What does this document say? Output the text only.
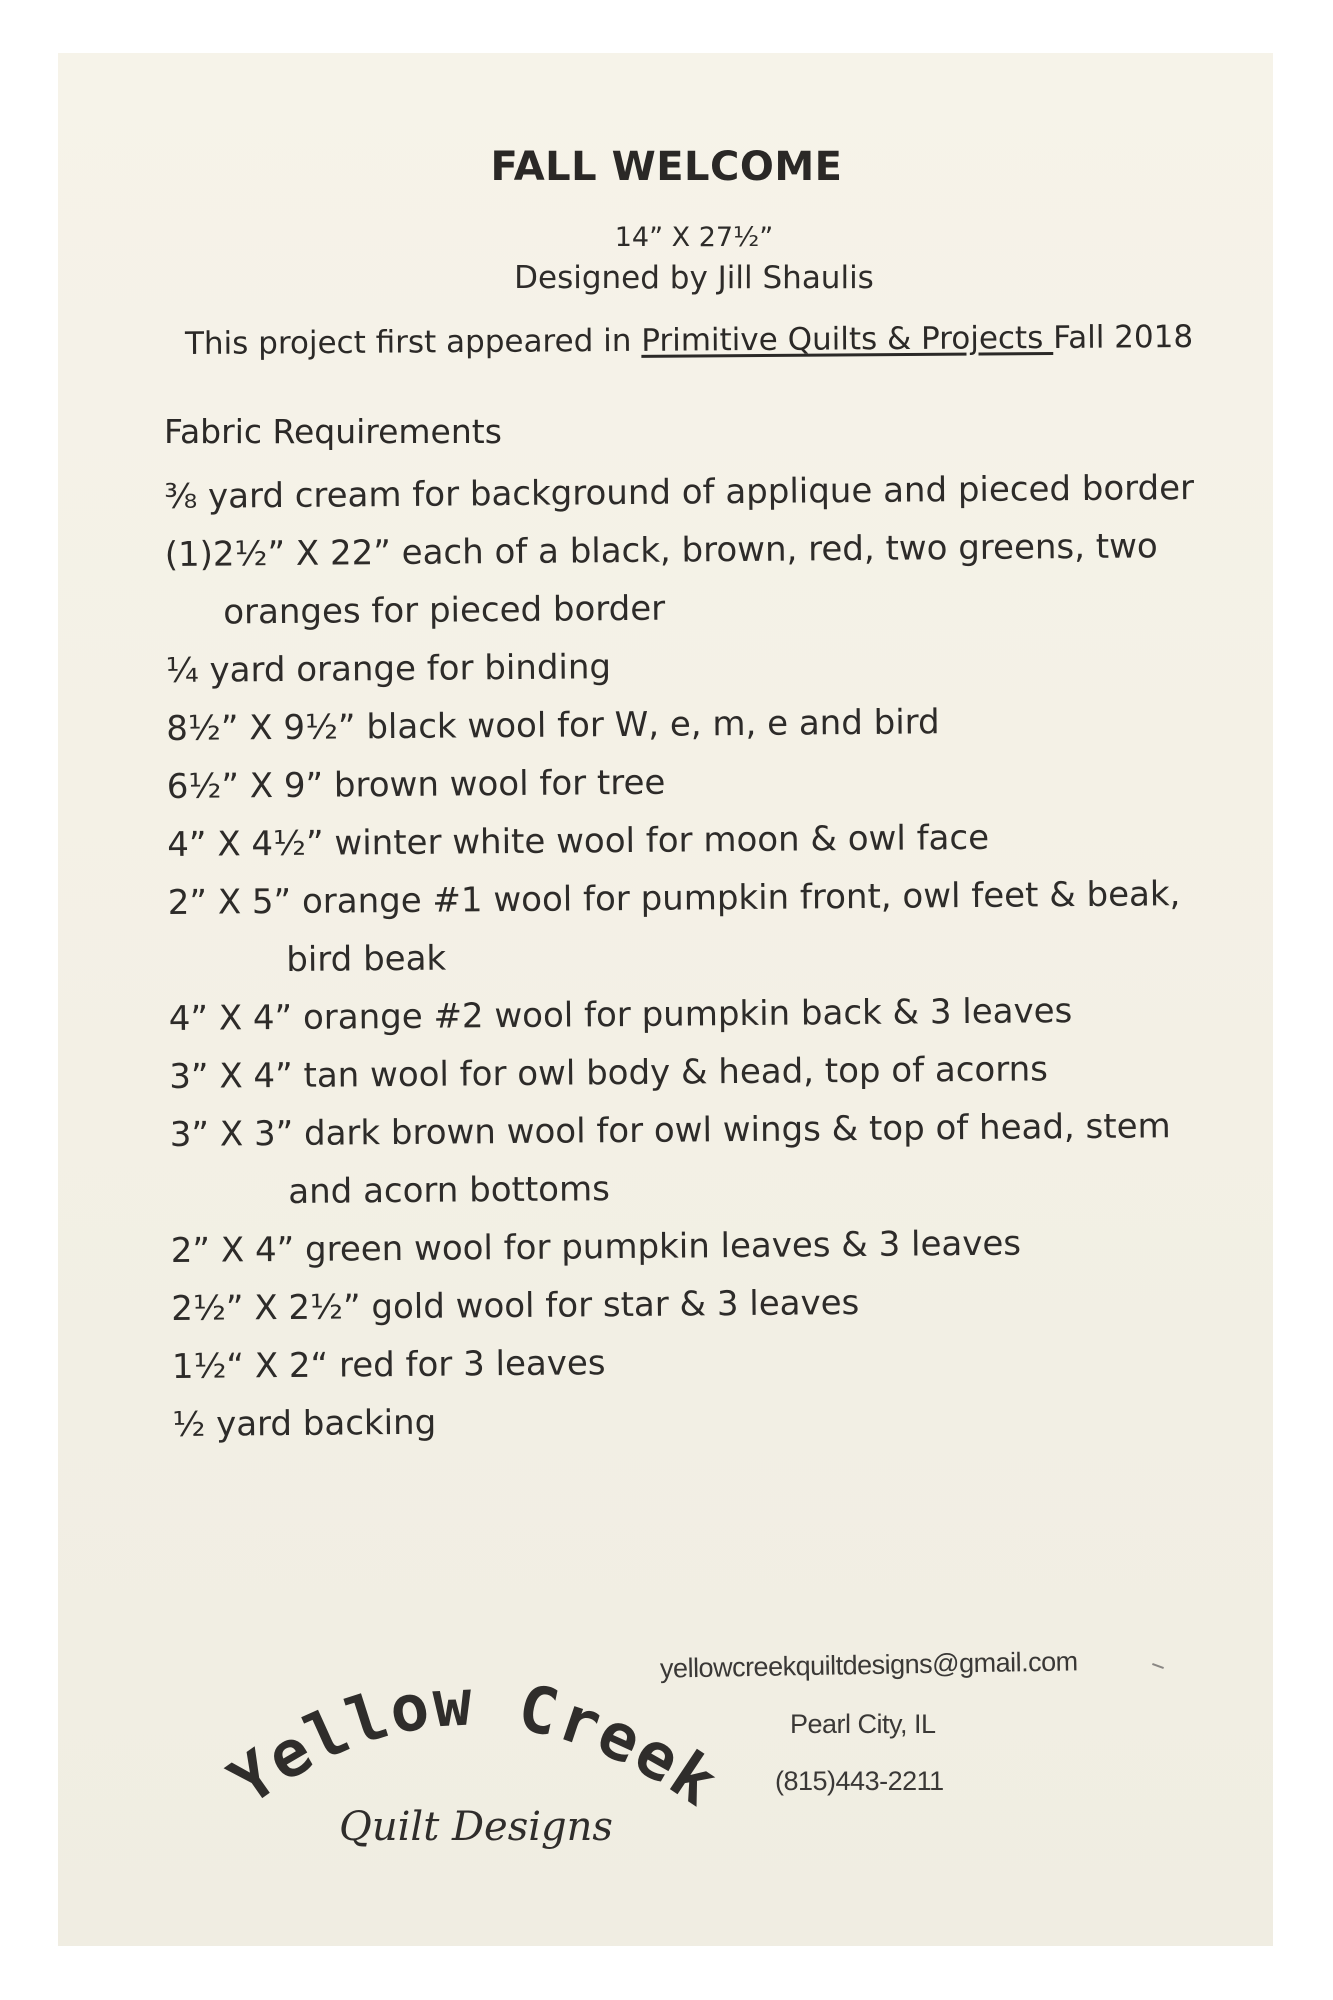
FALL WELCOME
14” X 27½”
Designed by Jill Shaulis
This project first appeared in Primitive Quilts & Projects Fall 2018
Fabric Requirements
⅜ yard cream for background of applique and pieced border
(1)2½” X 22” each of a black, brown, red, two greens, two
oranges for pieced border
¼ yard orange for binding
8½” X 9½” black wool for W, e, m, e and bird
6½” X 9” brown wool for tree
4” X 4½” winter white wool for moon & owl face
2” X 5” orange #1 wool for pumpkin front, owl feet & beak,
bird beak
4” X 4” orange #2 wool for pumpkin back & 3 leaves
3” X 4” tan wool for owl body & head, top of acorns
3” X 3” dark brown wool for owl wings & top of head, stem
and acorn bottoms
2” X 4” green wool for pumpkin leaves & 3 leaves
2½” X 2½” gold wool for star & 3 leaves
1½“ X 2“ red for 3 leaves
½ yard backing
Yellow Creek
Quilt Designs
yellowcreekquiltdesigns@gmail.com
Pearl City, IL
(815)443-2211
